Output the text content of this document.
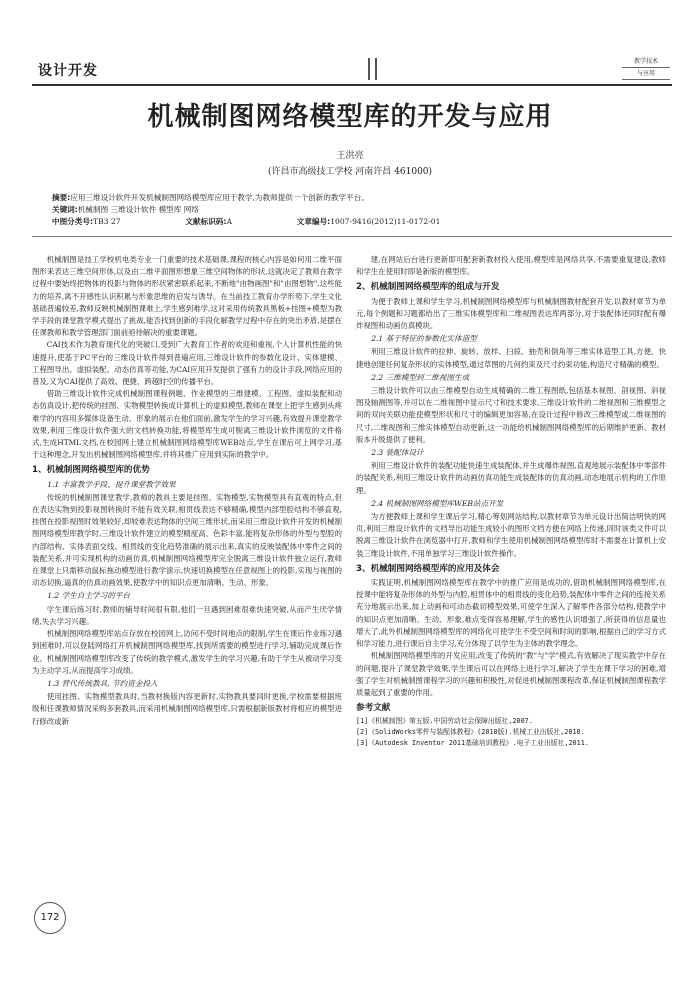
设计开发
教学技术
与应用
机械制图网络模型库的开发与应用
王洪亮
(许昌市高级技工学校 河南许昌 461000)
摘要:应用三维设计软件开发机械制图网络模型库应用于教学,为教师提供一个创新的教学平台。
关键词:机械制图 三维设计软件 模型库 网络
中图分类号:TB3 27	文献标识码:A	文章编号:1007-9416(2012)11-0172-01

机械制图是技工学校机电类专业一门重要的技术基础课,课程的核心内容是如何用二维平面图形来表达三维空间形体,以及由二维平面图形想象三维空间物体的形状,这就决定了教师在教学过程中要始终把物体的投影与物体的形状紧密联系起来,不断地"由物画图"和"由图想物",这些能力的培养,离不开感性认识积累与形象思维的启发与诱导。在当前技工教育办学形势下,学生文化基础普遍较差,教师反映机械制图课难上,学生感到难学,这对采用传统教具黑板+挂图+模型为教学手段的课堂教学模式提出了挑战,能否找到创新的手段化解教学过程中存在的突出矛盾,是摆在任课教师和教学管理部门面前亟待解决的重要课题。

CAI技术作为教育现代化的突破口,受到广大教育工作者的欢迎和重视,个人计算机性能的快速提升,使基于PC平台的三维设计软件得到普遍应用,三维设计软件的参数化设计、实体建模、工程图导出、虚拟装配、动态仿真等功能,为CAI应用开发提供了强有力的设计手段,网络应用的普及,又为CAI提供了高效、便捷、跨越时空的传播平台。

借助三维设计软件完成机械制图课程例题、作业模型的三维建模、工程图、虚拟装配和动态仿真设计,把传统的挂图、实物模型转换成计算机上的虚拟模型,教师在课堂上把学生感到头疼难学的内容用多媒体设备生动、形象的展示在他们面前,激发学生的学习兴趣,有效提升课堂教学效果,利用三维设计软件强大的文档转换功能,将模型库生成可脱离三维设计软件浏览的文件格式,生成HTML文档,在校园网上建立机械制图网络模型库WEB站点,学生在课后可上网学习,基于这种理念,开发出机械制图网络模型库,并将其推广应用到实际的教学中。

1、机械制图网络模型库的优势
1.1 丰富教学手段、提升课堂教学效果

传统的机械制图课堂教学,教师的教具主要是挂图、实物模型,实物模型具有直观的特点,但在表达实物到投影视图转换时不能有效关联,相贯线表达不够精确,模型内部型腔结构不够直观,挂图在投影视图时效果较好,却较难表达物体的空间三维形状,而采用三维设计软件开发的机械制图网络模型库教学时,三维设计软件建立的模型精度高、色彩丰富,能将复杂形体的外型与型腔的内部结构、实体表面交线、相贯线的变化趋势准确的展示出来,真实的反映装配体中零件之间的装配关系,并可实现机构的动画仿真,机械制图网络模型库完全脱离三维设计软件独立运行,教师在课堂上只需移动鼠标拖动模型进行教学演示,快速切换模型在任意视图上的投影,实现与视图的动态切换,逼真的仿真动画效果,使教学中的知识点更加清晰、生动、形象。

1.2 学生自主学习的平台

学生课后练习时,教师的辅导时间很有限,他们一旦遇到困难很难快速突破,从而产生厌学情绪,失去学习兴趣。

机械制图网络模型库站点存放在校园网上,访问不受时间地点的限制,学生在课后作业练习遇到困难时,可以登陆网络打开机械制图网络模型库,找到所需要的模型进行学习,辅助完成课后作业。机械制图网络模型库改变了传统的教学模式,激发学生的学习兴趣,有助于学生从被动学习变为主动学习,从而提高学习成绩。

1.3 替代传统教具, 节约资金投入

使用挂图、实物模型教具时,当教材换版内容更新时,实物教具要同时更换,学校需要根据班级和任课教师情况采购多套教具,而采用机械制图网络模型库,只需根据新版教材将相应的模型进行修改或新

建,在网站后台进行更新即可配套新教材投入使用,模型库是网络共享,不需要重复建设,教师和学生在使用时即是新版的模型库。

2、机械制图网络模型库的组成与开发

为便于教师上课和学生学习,机械制图网络模型库与机械制图教材配套开发,以教材章节为单元,每个例题和习题都给出了三维实体模型库和二维视图表达库两部分,对于装配体还同时配有爆炸视图和动画仿真模块。

2.1 基于特征的参数化实体造型

利用三维设计软件的拉伸、旋转、放样、扫掠、抽壳和倒角等三维实体造型工具,方便、快捷地创建任何复杂形状的实体模型,通过草图的几何约束及尺寸约束功能,构造尺寸精确的模型。

2.2 三维模型到二维视图生成

三维设计软件可以由三维模型自动生成精确的二维工程图纸,包括基本视图、剖视图、斜视图及轴测图等,并可以在二维视图中显示尺寸和技术要求,三维设计软件的二维视图和三维模型之间的双向关联功能使模型形状和尺寸的编辑更加容易,在设计过程中修改三维模型或二维视图的尺寸,二维视图和三维实体模型自动更新,这一功能给机械制图网络模型库的后期维护更新、教材版本升级提供了便利。

2.3 装配体设计

利用三维设计软件的装配功能快速生成装配体,并生成爆炸视图,直观地展示装配体中零部件的装配关系,利用三维设计软件的动画仿真功能生成装配体的仿真动画,动态地展示机构的工作原理。

2.4 机械制图网络模型库WEB站点开发

为方便教师上课和学生课后学习,精心筹划网站结构,以教材章节为单元设计出简洁明快的网页,利用三维设计软件的文档导出功能生成较小的图形文档方便在网络上传递,同时该类文件可以脱离三维设计软件在浏览器中打开,教师和学生使用机械制图网络模型库时不需要在计算机上安装三维设计软件,不用单独学习三维设计软件操作。

3、机械制图网络模型库的应用及体会

实践证明,机械制图网络模型库在教学中的推广应用是成功的,借助机械制图网络模型库,在授课中能将复杂形体的外型与内腔,相贯体中的相贯线的变化趋势,装配体中零件之间的连接关系充分地展示出来,加上动画和可动态截切模型效果,可使学生深入了解零件各部分结构,使教学中的知识点更加清晰、生动、形象,难点变得容易理解,学生的感性认识增强了,所获得的信息量也增大了,此外机械制图网络模型库的网络化可使学生不受空间和时间的影响,根据自己的学习方式和学习能力,进行课后自主学习,充分体现了以学生为主体的教学理念。

机械制图网络模型库的开发应用,改变了传统的"教"与"学"模式,有效解决了现实教学中存在的问题,提升了课堂教学效果,学生课后可以在网络上进行学习,解决了学生在课下学习的困难,增强了学生对机械制图课程学习的兴趣和积极性,对促进机械制图课程改革,保证机械制图课程教学质量起到了重要的作用。

参考文献

[1]《机械制图》第五版.中国劳动社会保障出版社,2007.

[2]《SolidWorks零件与装配体教程》(2010版).机械工业出版社,2010.

[3]《Autodesk Inventor 2011基础培训教程》.电子工业出版社,2011.

172
